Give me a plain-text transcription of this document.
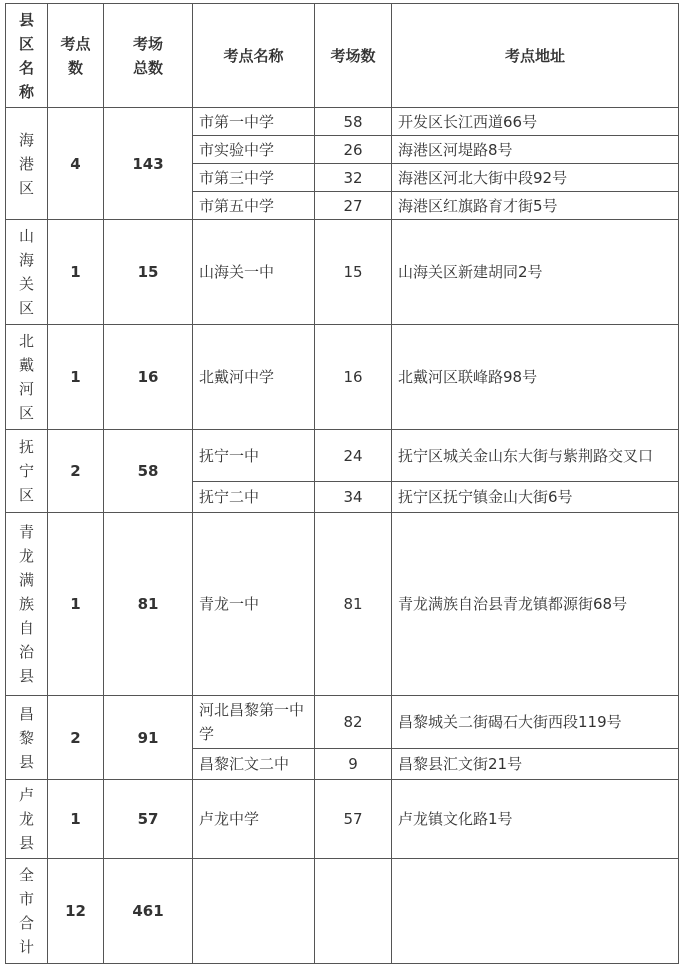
县区名称	考点数	考场总数	考点名称	考场数	考点地址
海港区	4	143	市第一中学	58	开发区长江西道66号
			市实验中学	26	海港区河堤路8号
			市第三中学	32	海港区河北大街中段92号
			市第五中学	27	海港区红旗路育才街5号
山海关区	1	15	山海关一中	15	山海关区新建胡同2号
北戴河区	1	16	北戴河中学	16	北戴河区联峰路98号
抚宁区	2	58	抚宁一中	24	抚宁区城关金山东大街与紫荆路交叉口
			抚宁二中	34	抚宁区抚宁镇金山大街6号
青龙满族自治县	1	81	青龙一中	81	青龙满族自治县青龙镇都源街68号
昌黎县	2	91	河北昌黎第一中学	82	昌黎城关二街碣石大街西段119号
			昌黎汇文二中	9	昌黎县汇文街21号
卢龙县	1	57	卢龙中学	57	卢龙镇文化路1号
全市合计	12	461			
